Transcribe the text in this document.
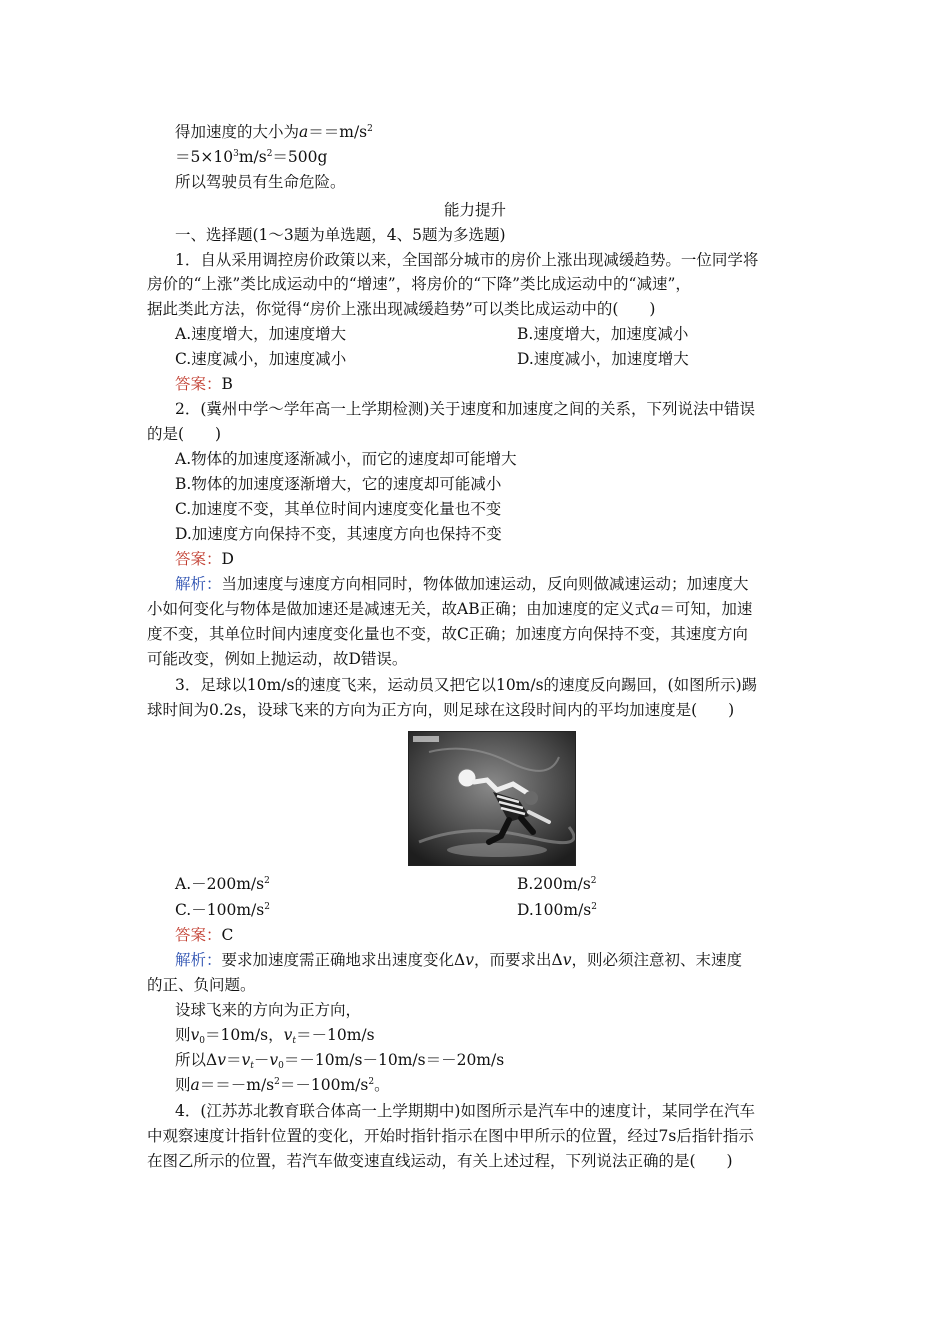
得加速度的大小为$a==m/s^2$
$=5\times 10^3m/s^2=500g$
所以驾驶员有生命危险。
能力提升
一、选择题(1～3题为单选题，4、5题为多选题)
1．自从采用调控房价政策以来，全国部分城市的房价上涨出现减缓趋势。一位同学将
房价的“上涨”类比成运动中的“增速”，将房价的“下降”类比成运动中的“减速”，
据此类此方法，你觉得“房价上涨出现减缓趋势”可以类比成运动中的(　　)
A.速度增大，加速度增大	B.速度增大，加速度减小
C.速度减小，加速度减小	D.速度减小，加速度增大
答案：B
2．(冀州中学～学年高一上学期检测)关于速度和加速度之间的关系，下列说法中错误
的是(　　)
A.物体的加速度逐渐减小，而它的速度却可能增大
B.物体的加速度逐渐增大，它的速度却可能减小
C.加速度不变，其单位时间内速度变化量也不变
D.加速度方向保持不变，其速度方向也保持不变
答案：D
解析：当加速度与速度方向相同时，物体做加速运动，反向则做减速运动；加速度大
小如何变化与物体是做加速还是减速无关，故AB正确；由加速度的定义式a＝可知，加速
度不变，其单位时间内速度变化量也不变，故C正确；加速度方向保持不变，其速度方向
可能改变，例如上抛运动，故D错误。
3．足球以10m/s的速度飞来，运动员又把它以10m/s的速度反向踢回，(如图所示)踢
球时间为0.2s，设球飞来的方向为正方向，则足球在这段时间内的平均加速度是(　　)
$A.-200m/s^2$	$B.200m/s^2$
$C.-100m/s^2$	$D.100m/s^2$
答案：C
解析：要求加速度需正确地求出速度变化Δv，而要求出Δv，则必须注意初、末速度
的正、负问题。
设球飞来的方向为正方向，
则$v_0=10m/s$，$v_t=-10m/s$
所以$\Delta v=v_t-v_0=-10m/s-10m/s=-20m/s$
则$a==-m/s^2=-100m/s^2$。
4．(江苏苏北教育联合体高一上学期期中)如图所示是汽车中的速度计，某同学在汽车
中观察速度计指针位置的变化，开始时指针指示在图中甲所示的位置，经过7s后指针指示
在图乙所示的位置，若汽车做变速直线运动，有关上述过程，下列说法正确的是(　　)
